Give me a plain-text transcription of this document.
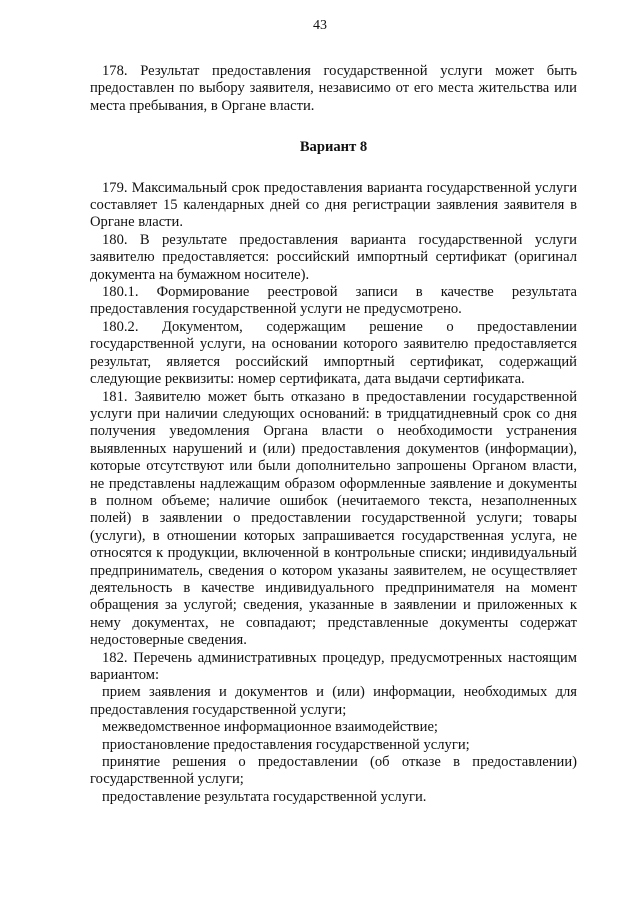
43

178. Результат предоставления государственной услуги может быть предоставлен по выбору заявителя, независимо от его места жительства или места пребывания, в Органе власти.

Вариант 8

179. Максимальный срок предоставления варианта государственной услуги составляет 15 календарных дней со дня регистрации заявления заявителя в Органе власти.

180. В результате предоставления варианта государственной услуги заявителю предоставляется: российский импортный сертификат (оригинал документа на бумажном носителе).

180.1. Формирование реестровой записи в качестве результата предоставления государственной услуги не предусмотрено.

180.2. Документом, содержащим решение о предоставлении государственной услуги, на основании которого заявителю предоставляется результат, является российский импортный сертификат, содержащий следующие реквизиты: номер сертификата, дата выдачи сертификата.

181. Заявителю может быть отказано в предоставлении государственной услуги при наличии следующих оснований: в тридцатидневный срок со дня получения уведомления Органа власти о необходимости устранения выявленных нарушений и (или) предоставления документов (информации), которые отсутствуют или были дополнительно запрошены Органом власти, не представлены надлежащим образом оформленные заявление и документы в полном объеме; наличие ошибок (нечитаемого текста, незаполненных полей) в заявлении о предоставлении государственной услуги; товары (услуги), в отношении которых запрашивается государственная услуга, не относятся к продукции, включенной в контрольные списки; индивидуальный предприниматель, сведения о котором указаны заявителем, не осуществляет деятельность в качестве индивидуального предпринимателя на момент обращения за услугой; сведения, указанные в заявлении и приложенных к нему документах, не совпадают; представленные документы содержат недостоверные сведения.

182. Перечень административных процедур, предусмотренных настоящим вариантом:

прием заявления и документов и (или) информации, необходимых для предоставления государственной услуги;

межведомственное информационное взаимодействие;

приостановление предоставления государственной услуги;

принятие решения о предоставлении (об отказе в предоставлении) государственной услуги;

предоставление результата государственной услуги.
